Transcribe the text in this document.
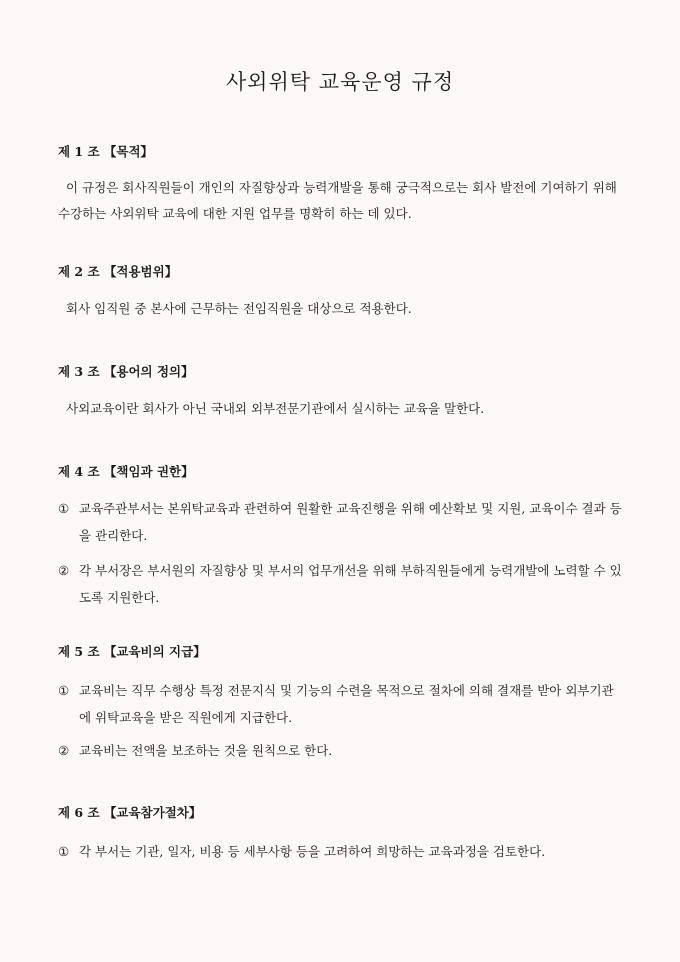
사외위탁 교육운영 규정
제 1 조 【목적】
이 규정은 회사직원들이 개인의 자질향상과 능력개발을 통해 궁극적으로는 회사 발전에 기여하기 위해 수강하는 사외위탁 교육에 대한 지원 업무를 명확히 하는 데 있다.
제 2 조 【적용범위】
회사 임직원 중 본사에 근무하는 전임직원을 대상으로 적용한다.
제 3 조 【용어의 정의】
사외교육이란 회사가 아닌 국내외 외부전문기관에서 실시하는 교육을 말한다.
제 4 조 【책임과 권한】
① 교육주관부서는 본위탁교육과 관련하여 원활한 교육진행을 위해 예산확보 및 지원, 교육이수 결과 등을 관리한다.
② 각 부서장은 부서원의 자질향상 및 부서의 업무개선을 위해 부하직원들에게 능력개발에 노력할 수 있도록 지원한다.
제 5 조 【교육비의 지급】
① 교육비는 직무 수행상 특정 전문지식 및 기능의 수련을 목적으로 절차에 의해 결재를 받아 외부기관에 위탁교육을 받은 직원에게 지급한다.
② 교육비는 전액을 보조하는 것을 원칙으로 한다.
제 6 조 【교육참가절차】
① 각 부서는 기관, 일자, 비용 등 세부사항 등을 고려하여 희망하는 교육과정을 검토한다.
